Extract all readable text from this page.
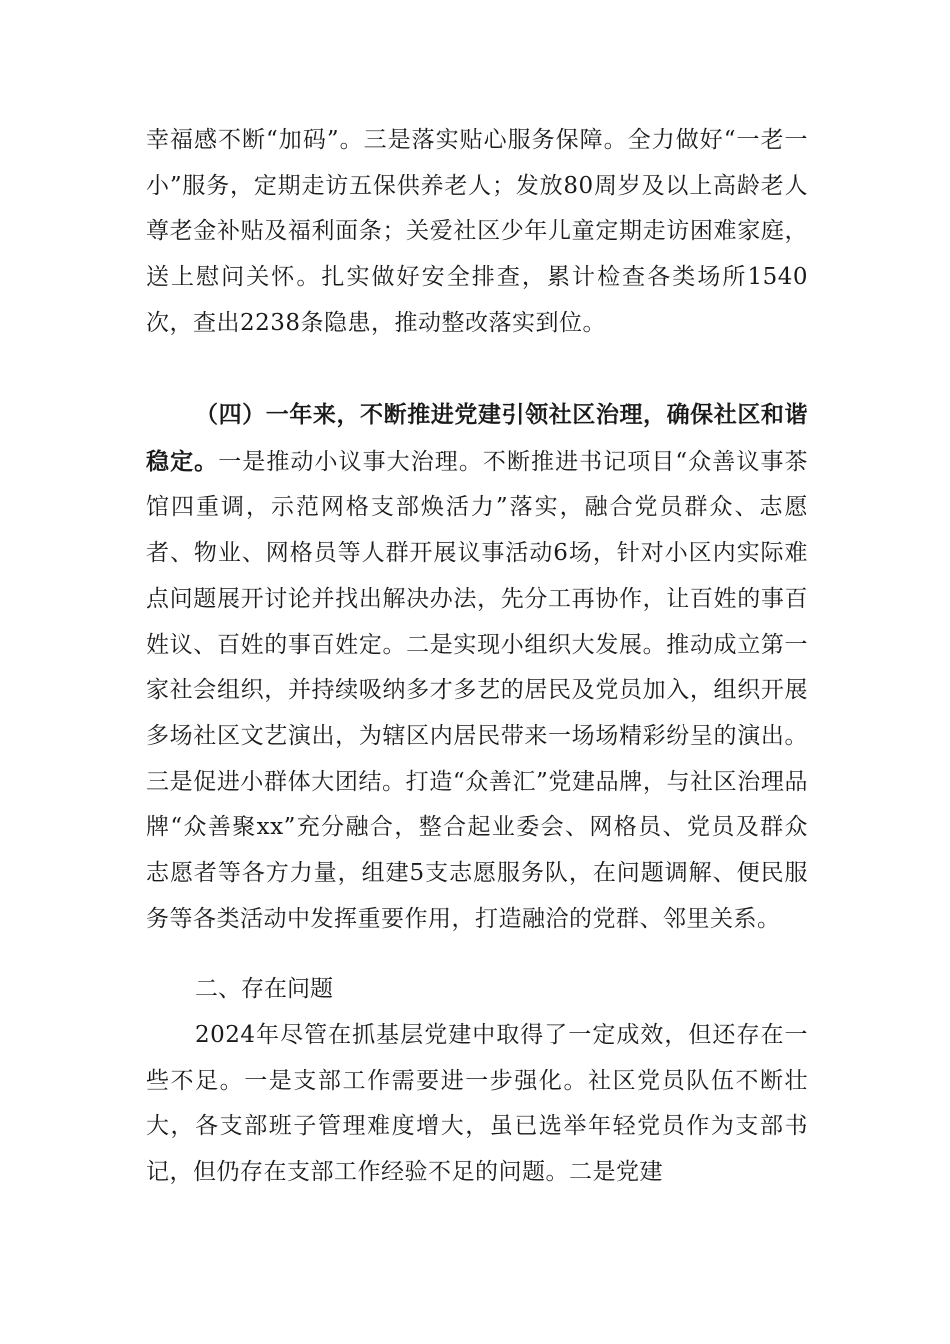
幸福感不断“加码”。三是落实贴心服务保障。全力做好“一老一小”服务，定期走访五保供养老人；发放80周岁及以上高龄老人尊老金补贴及福利面条；关爱社区少年儿童定期走访困难家庭，送上慰问关怀。扎实做好安全排查，累计检查各类场所1540次，查出2238条隐患，推动整改落实到位。

（四）一年来，不断推进党建引领社区治理，确保社区和谐稳定。一是推动小议事大治理。不断推进书记项目“众善议事茶馆四重调，示范网格支部焕活力”落实，融合党员群众、志愿者、物业、网格员等人群开展议事活动6场，针对小区内实际难点问题展开讨论并找出解决办法，先分工再协作，让百姓的事百姓议、百姓的事百姓定。二是实现小组织大发展。推动成立第一家社会组织，并持续吸纳多才多艺的居民及党员加入，组织开展多场社区文艺演出，为辖区内居民带来一场场精彩纷呈的演出。三是促进小群体大团结。打造“众善汇”党建品牌，与社区治理品牌“众善聚xx”充分融合，整合起业委会、网格员、党员及群众志愿者等各方力量，组建5支志愿服务队，在问题调解、便民服务等各类活动中发挥重要作用，打造融洽的党群、邻里关系。

二、存在问题

2024年尽管在抓基层党建中取得了一定成效，但还存在一些不足。一是支部工作需要进一步强化。社区党员队伍不断壮大，各支部班子管理难度增大，虽已选举年轻党员作为支部书记，但仍存在支部工作经验不足的问题。二是党建
